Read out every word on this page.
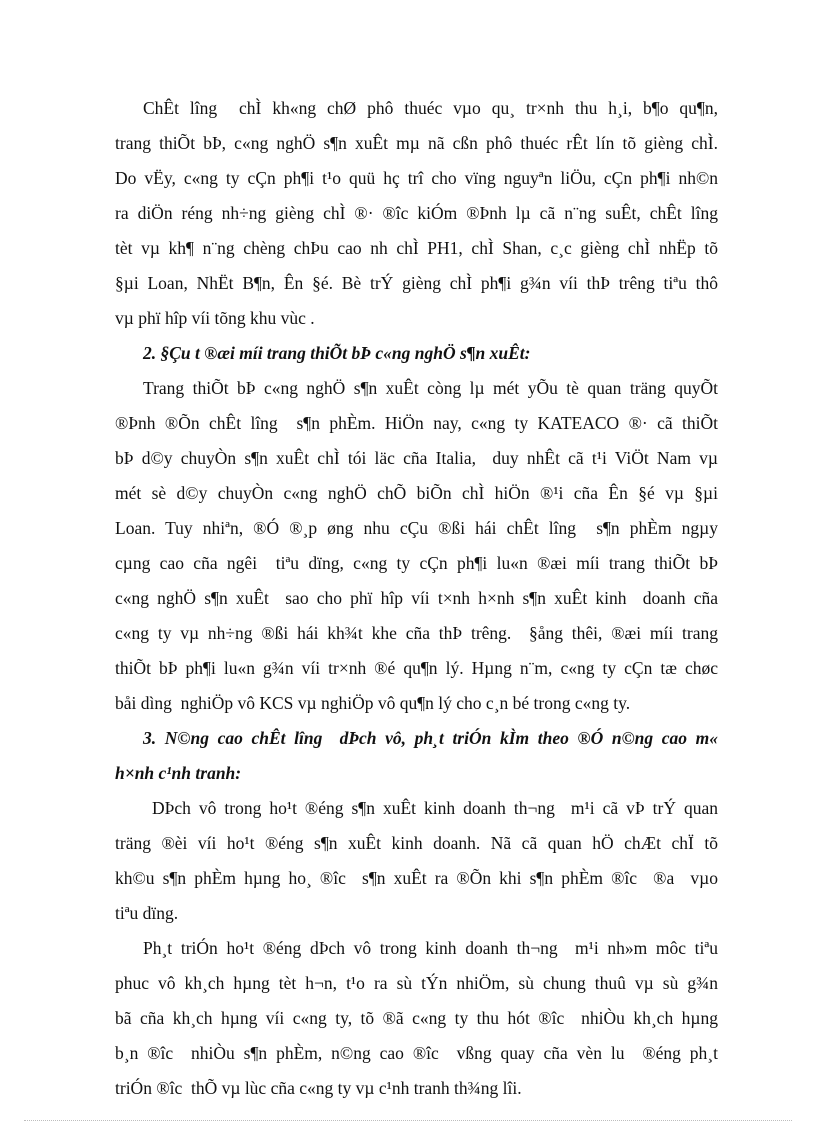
ChÊt lîng  chÌ kh«ng chØ phô thuéc vµo qu¸ tr×nh thu h¸i, b¶o qu¶n,
trang thiÕt bÞ, c«ng nghÖ s¶n xuÊt mµ nã cßn phô thuéc rÊt lín tõ gièng chÌ.
Do vËy, c«ng ty cÇn ph¶i t¹o quü hç trî cho vïng nguyªn liÖu, cÇn ph¶i nh©n
ra diÖn réng nh÷ng gièng chÌ ®· ®îc kiÓm ®Þnh lµ cã n¨ng suÊt, chÊt lîng
tèt vµ kh¶ n¨ng chèng chÞu cao nh chÌ PH1, chÌ Shan, c¸c gièng chÌ nhËp tõ
§µi Loan, NhËt B¶n, Ên §é. Bè trÝ gièng chÌ ph¶i g¾n víi thÞ trêng tiªu thô
vµ phï hîp víi tõng khu vùc .
2. §Çu t ®æi míi trang thiÕt bÞ c«ng nghÖ s¶n xuÊt:
Trang thiÕt bÞ c«ng nghÖ s¶n xuÊt còng lµ mét yÕu tè quan träng quyÕt
®Þnh ®Õn chÊt lîng  s¶n phÈm. HiÖn nay, c«ng ty KATEACO ®· cã thiÕt
bÞ d©y chuyÒn s¶n xuÊt chÌ tói läc cña Italia,  duy nhÊt cã t¹i ViÖt Nam vµ
mét sè d©y chuyÒn c«ng nghÖ chÕ biÕn chÌ hiÖn ®¹i cña Ên §é vµ §µi
Loan. Tuy nhiªn, ®Ó ®¸p øng nhu cÇu ®ßi hái chÊt lîng  s¶n phÈm ngµy
cµng cao cña ngêi  tiªu dïng, c«ng ty cÇn ph¶i lu«n ®æi míi trang thiÕt bÞ
c«ng nghÖ s¶n xuÊt  sao cho phï hîp víi t×nh h×nh s¶n xuÊt kinh  doanh cña
c«ng ty vµ nh÷ng ®ßi hái kh¾t khe cña thÞ trêng.  §ång thêi, ®æi míi trang
thiÕt bÞ ph¶i lu«n g¾n víi tr×nh ®é qu¶n lý. Hµng n¨m, c«ng ty cÇn tæ chøc
båi dìng  nghiÖp vô KCS vµ nghiÖp vô qu¶n lý cho c¸n bé trong c«ng ty.
3. N©ng cao chÊt lîng  dÞch vô, ph¸t triÓn kÌm theo ®Ó n©ng cao m«
h×nh c¹nh tranh:
DÞch vô trong ho¹t ®éng s¶n xuÊt kinh doanh th¬ng  m¹i cã vÞ trÝ quan
träng ®èi víi ho¹t ®éng s¶n xuÊt kinh doanh. Nã cã quan hÖ chÆt chÏ tõ
kh©u s¶n phÈm hµng ho¸ ®îc  s¶n xuÊt ra ®Õn khi s¶n phÈm ®îc  ®a  vµo
tiªu dïng.
Ph¸t triÓn ho¹t ®éng dÞch vô trong kinh doanh th¬ng  m¹i nh»m môc tiªu
phuc vô kh¸ch hµng tèt h¬n, t¹o ra sù tÝn nhiÖm, sù chung thuû vµ sù g¾n
bã cña kh¸ch hµng víi c«ng ty, tõ ®ã c«ng ty thu hót ®îc  nhiÒu kh¸ch hµng
b¸n ®îc  nhiÒu s¶n phÈm, n©ng cao ®îc  vßng quay cña vèn lu  ®éng ph¸t
triÓn ®îc  thÕ vµ lùc cña c«ng ty vµ c¹nh tranh th¾ng lîi.
